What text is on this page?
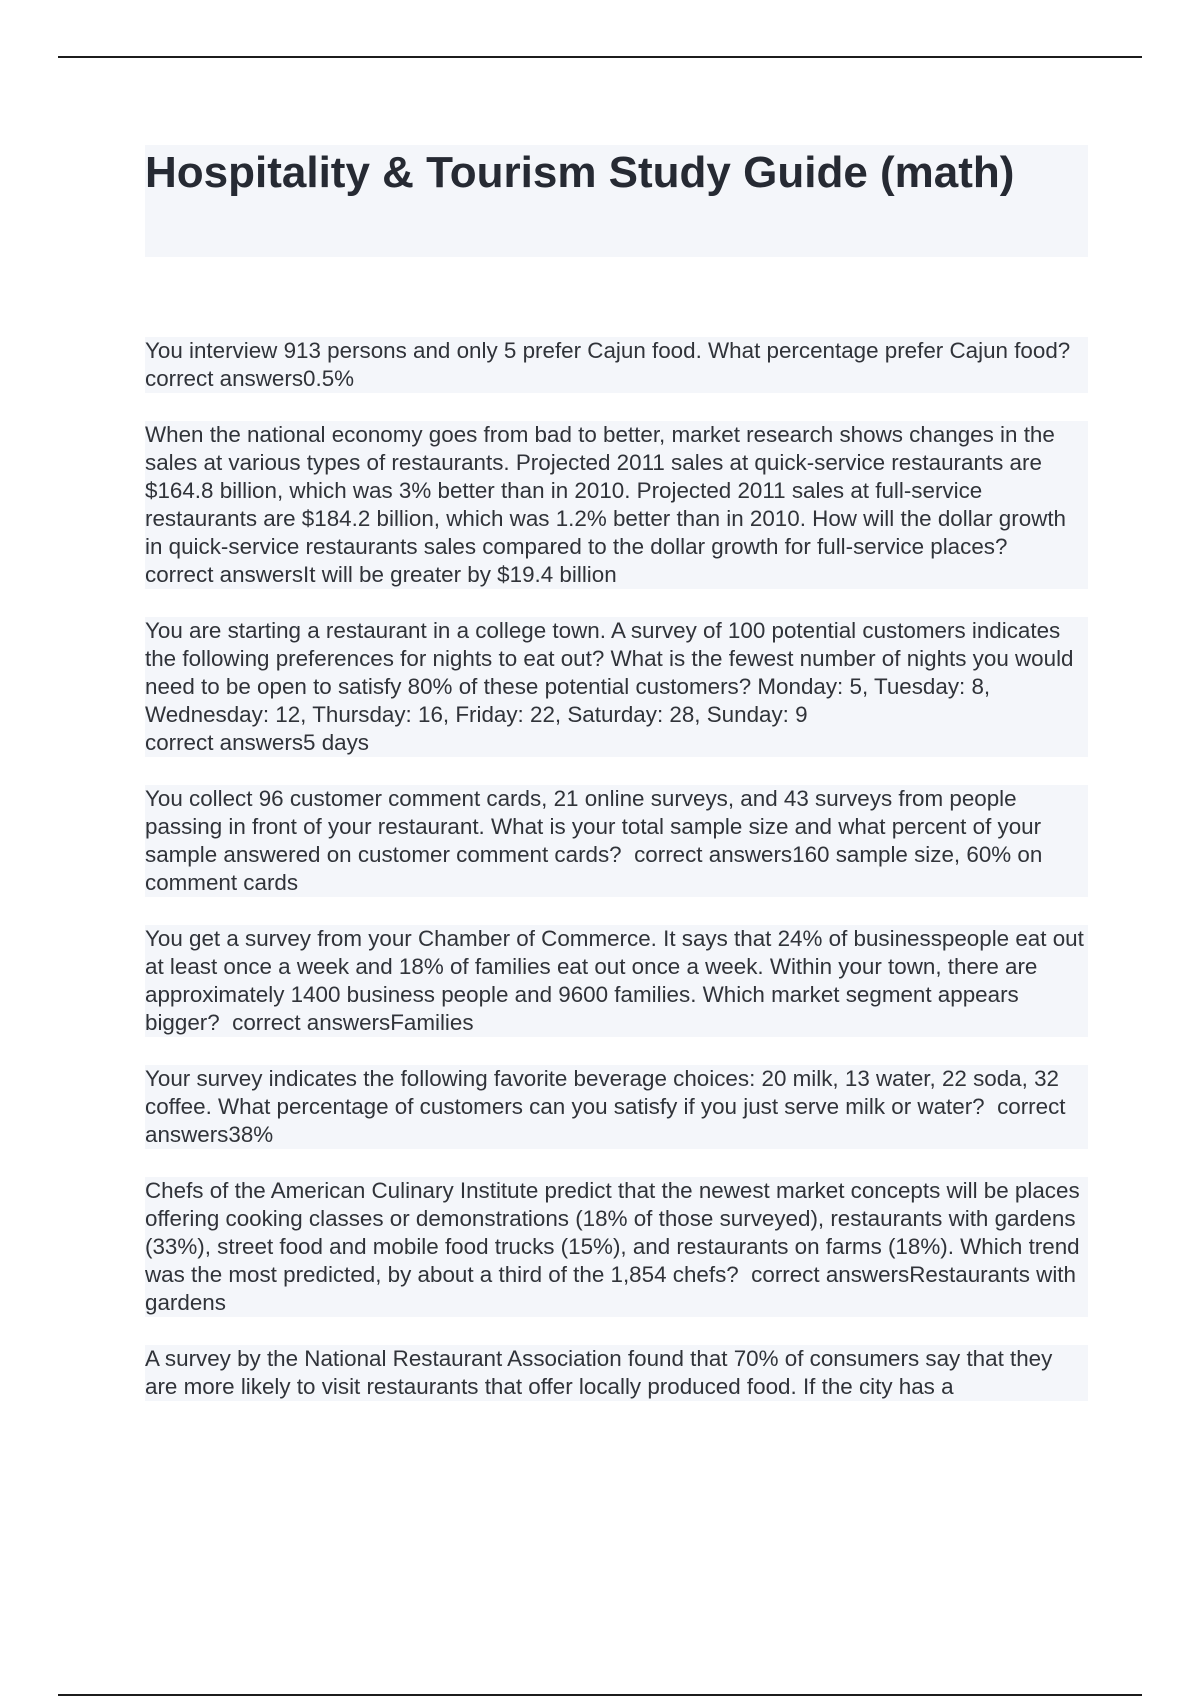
Hospitality & Tourism Study Guide (math)

You interview 913 persons and only 5 prefer Cajun food. What percentage prefer Cajun food?  correct answers0.5%

When the national economy goes from bad to better, market research shows changes in the sales at various types of restaurants. Projected 2011 sales at quick-service restaurants are $164.8 billion, which was 3% better than in 2010. Projected 2011 sales at full-service restaurants are $184.2 billion, which was 1.2% better than in 2010. How will the dollar growth in quick-service restaurants sales compared to the dollar growth for full-service places?  correct answersIt will be greater by $19.4 billion

You are starting a restaurant in a college town. A survey of 100 potential customers indicates the following preferences for nights to eat out? What is the fewest number of nights you would need to be open to satisfy 80% of these potential customers? Monday: 5, Tuesday: 8, Wednesday: 12, Thursday: 16, Friday: 22, Saturday: 28, Sunday: 9
correct answers5 days

You collect 96 customer comment cards, 21 online surveys, and 43 surveys from people passing in front of your restaurant. What is your total sample size and what percent of your sample answered on customer comment cards? correct answers160 sample size, 60% on comment cards

You get a survey from your Chamber of Commerce. It says that 24% of businesspeople eat out at least once a week and 18% of families eat out once a week. Within your town, there are approximately 1400 business people and 9600 families. Which market segment appears bigger? correct answersFamilies

Your survey indicates the following favorite beverage choices: 20 milk, 13 water, 22 soda, 32 coffee. What percentage of customers can you satisfy if you just serve milk or water? correct answers38%

Chefs of the American Culinary Institute predict that the newest market concepts will be places offering cooking classes or demonstrations (18% of those surveyed), restaurants with gardens (33%), street food and mobile food trucks (15%), and restaurants on farms (18%). Which trend was the most predicted, by about a third of the 1,854 chefs? correct answersRestaurants with gardens

A survey by the National Restaurant Association found that 70% of consumers say that they are more likely to visit restaurants that offer locally produced food. If the city has a
